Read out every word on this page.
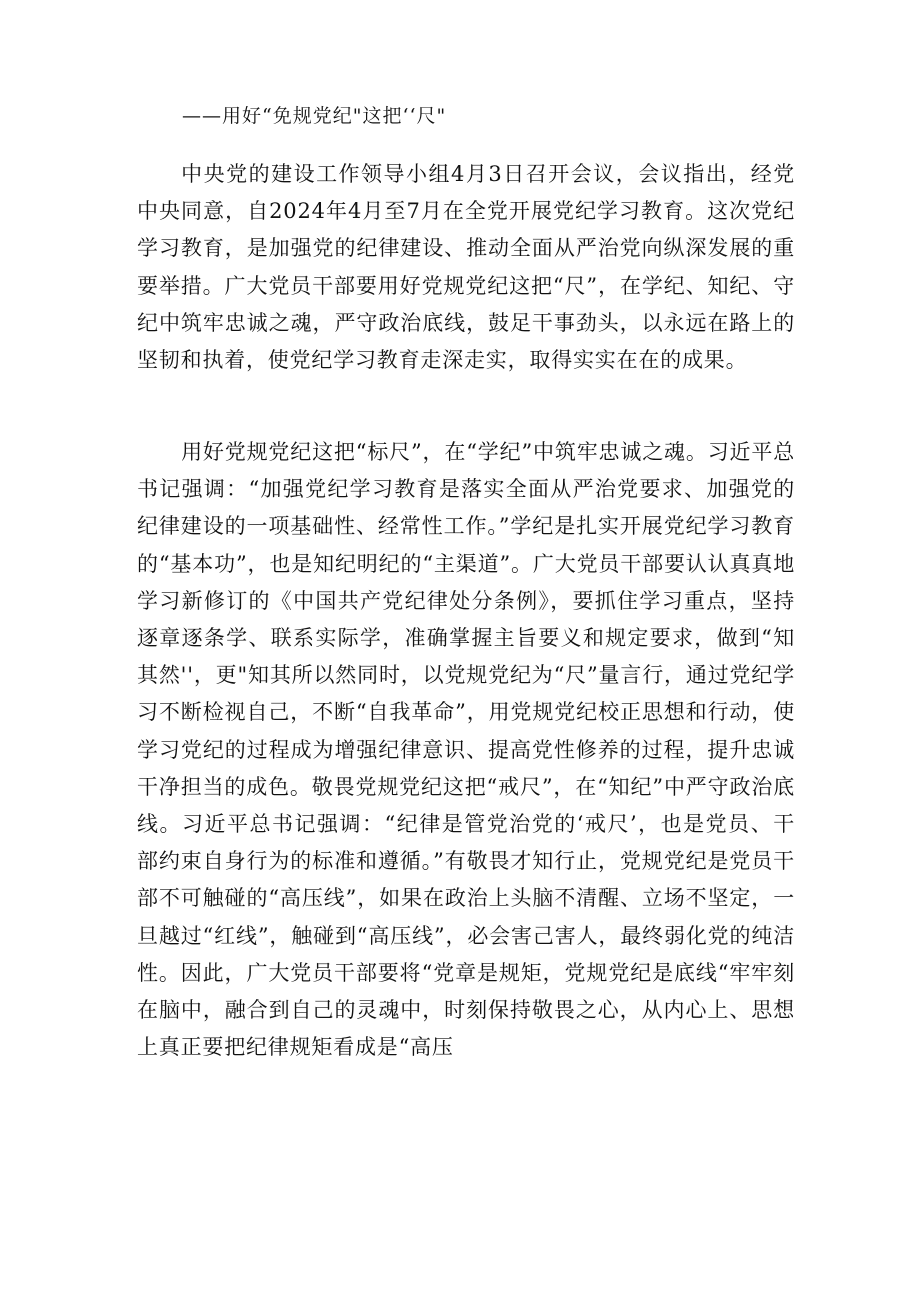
——用好“免规党纪"这把‘‘尺"

中央党的建设工作领导小组4月3日召开会议，会议指出，经党中央同意，自2024年4月至7月在全党开展党纪学习教育。这次党纪学习教育，是加强党的纪律建设、推动全面从严治党向纵深发展的重要举措。广大党员干部要用好党规党纪这把“尺”，在学纪、知纪、守纪中筑牢忠诚之魂，严守政治底线，鼓足干事劲头，以永远在路上的坚韧和执着，使党纪学习教育走深走实，取得实实在在的成果。

用好党规党纪这把“标尺”，在“学纪”中筑牢忠诚之魂。习近平总书记强调：“加强党纪学习教育是落实全面从严治党要求、加强党的纪律建设的一项基础性、经常性工作。”学纪是扎实开展党纪学习教育的“基本功”，也是知纪明纪的“主渠道”。广大党员干部要认认真真地学习新修订的《中国共产党纪律处分条例》，要抓住学习重点，坚持逐章逐条学、联系实际学，准确掌握主旨要义和规定要求，做到“知其然''，更"知其所以然同时，以党规党纪为“尺”量言行，通过党纪学习不断检视自己，不断“自我革命”，用党规党纪校正思想和行动，使学习党纪的过程成为增强纪律意识、提高党性修养的过程，提升忠诚干净担当的成色。敬畏党规党纪这把“戒尺”，在“知纪”中严守政治底线。习近平总书记强调：“纪律是管党治党的‘戒尺’，也是党员、干部约束自身行为的标准和遵循。”有敬畏才知行止，党规党纪是党员干部不可触碰的“高压线”，如果在政治上头脑不清醒、立场不坚定，一旦越过“红线”，触碰到“高压线”，必会害己害人，最终弱化党的纯洁性。因此，广大党员干部要将“党章是规矩，党规党纪是底线“牢牢刻在脑中，融合到自己的灵魂中，时刻保持敬畏之心，从内心上、思想上真正要把纪律规矩看成是“高压
